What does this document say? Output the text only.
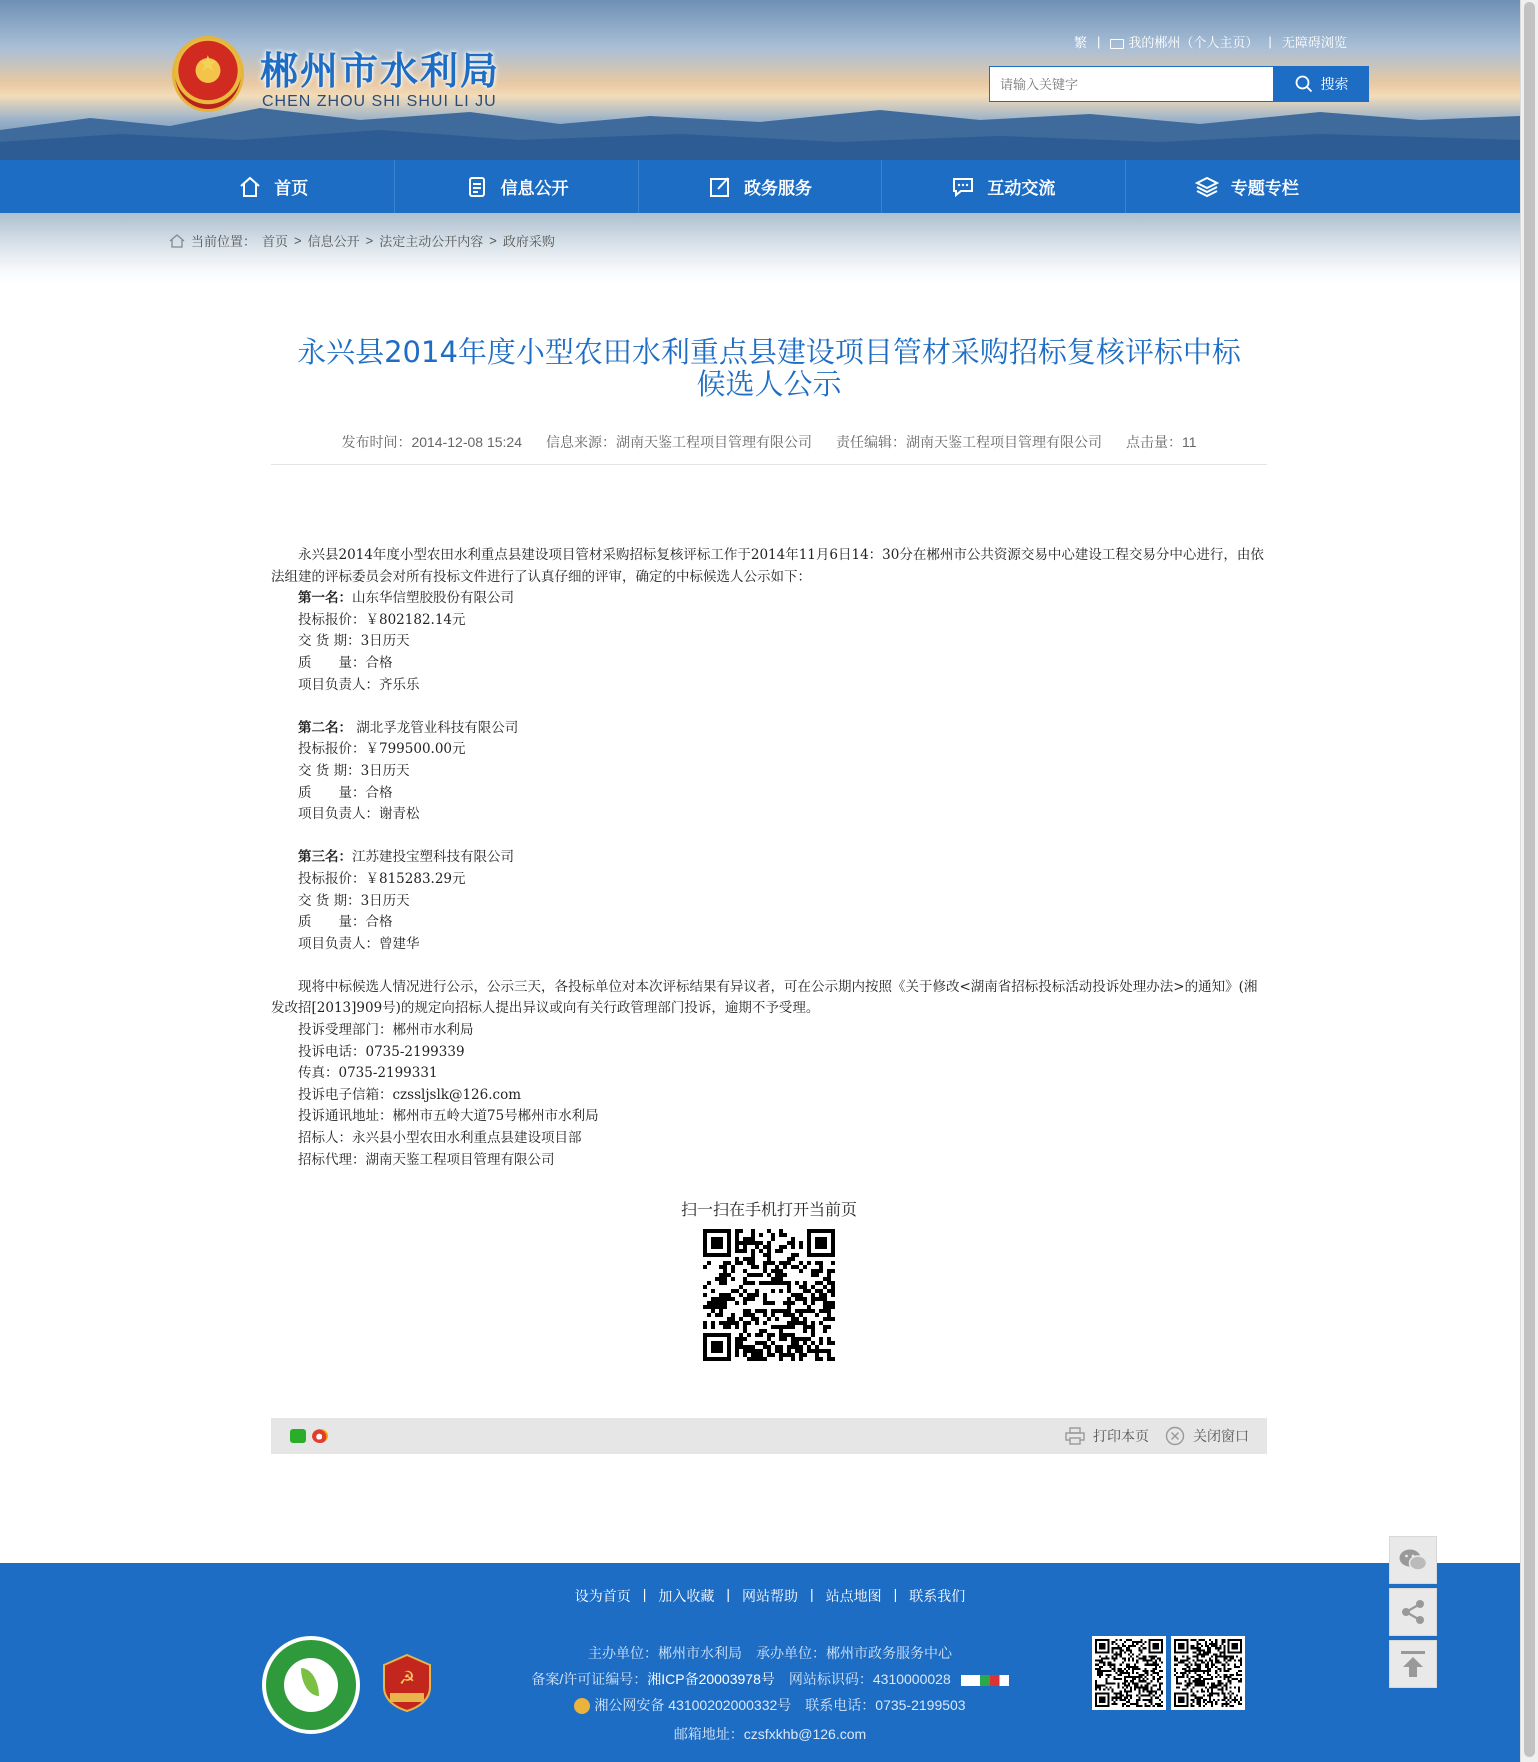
★ 郴州市水利局
CHEN ZHOU SHI SHUI LI JU
繁 |	我的郴州（个人主页） | 无障碍浏览
请输入关键字
搜索
首页	信息公开	政务服务	互动交流	专题专栏
当前位置： 首页 > 信息公开 > 法定主动公开内容 > 政府采购
永兴县2014年度小型农田水利重点县建设项目管材采购招标复核评标中标
候选人公示
发布时间：2014-12-08 15:24 信息来源：湖南天鉴工程项目管理有限公司 责任编辑：湖南天鉴工程项目管理有限公司 点击量：11

永兴县2014年度小型农田水利重点县建设项目管材采购招标复核评标工作于2014年11月6日14：30分在郴州市公共资源交易中心建设工程交易分中心进行，由依法组建的评标委员会对所有投标文件进行了认真仔细的评审，确定的中标候选人公示如下：

第一名：山东华信塑胶股份有限公司

投标报价：￥802182.14元

交 货 期：3日历天

质　　量：合格

项目负责人：齐乐乐

第二名： 湖北孚龙管业科技有限公司

投标报价：￥799500.00元

交 货 期：3日历天

质　　量：合格

项目负责人：谢青松

第三名：江苏建投宝塑科技有限公司

投标报价：￥815283.29元

交 货 期：3日历天

质　　量：合格

项目负责人：曾建华

现将中标候选人情况进行公示，公示三天，各投标单位对本次评标结果有异议者，可在公示期内按照《关于修改<湖南省招标投标活动投诉处理办法>的通知》(湘发改招[2013]909号)的规定向招标人提出异议或向有关行政管理部门投诉，逾期不予受理。

投诉受理部门：郴州市水利局

投诉电话：0735-2199339

传真：0735-2199331

投诉电子信箱：czssljslk@126.com

投诉通讯地址：郴州市五岭大道75号郴州市水利局

招标人：永兴县小型农田水利重点县建设项目部

招标代理：湖南天鉴工程项目管理有限公司

扫一扫在手机打开当前页
打印本页	关闭窗口
设为首页 | 加入收藏 | 网站帮助 | 站点地图 | 联系我们
☭
主办单位：郴州市水利局　承办单位：郴州市政务服务中心
备案/许可证编号：湘ICP备20003978号　 网站标识码：4310000028
湘公网安备 43100202000332号　联系电话：0735-2199503
邮箱地址：czsfxkhb@126.com
